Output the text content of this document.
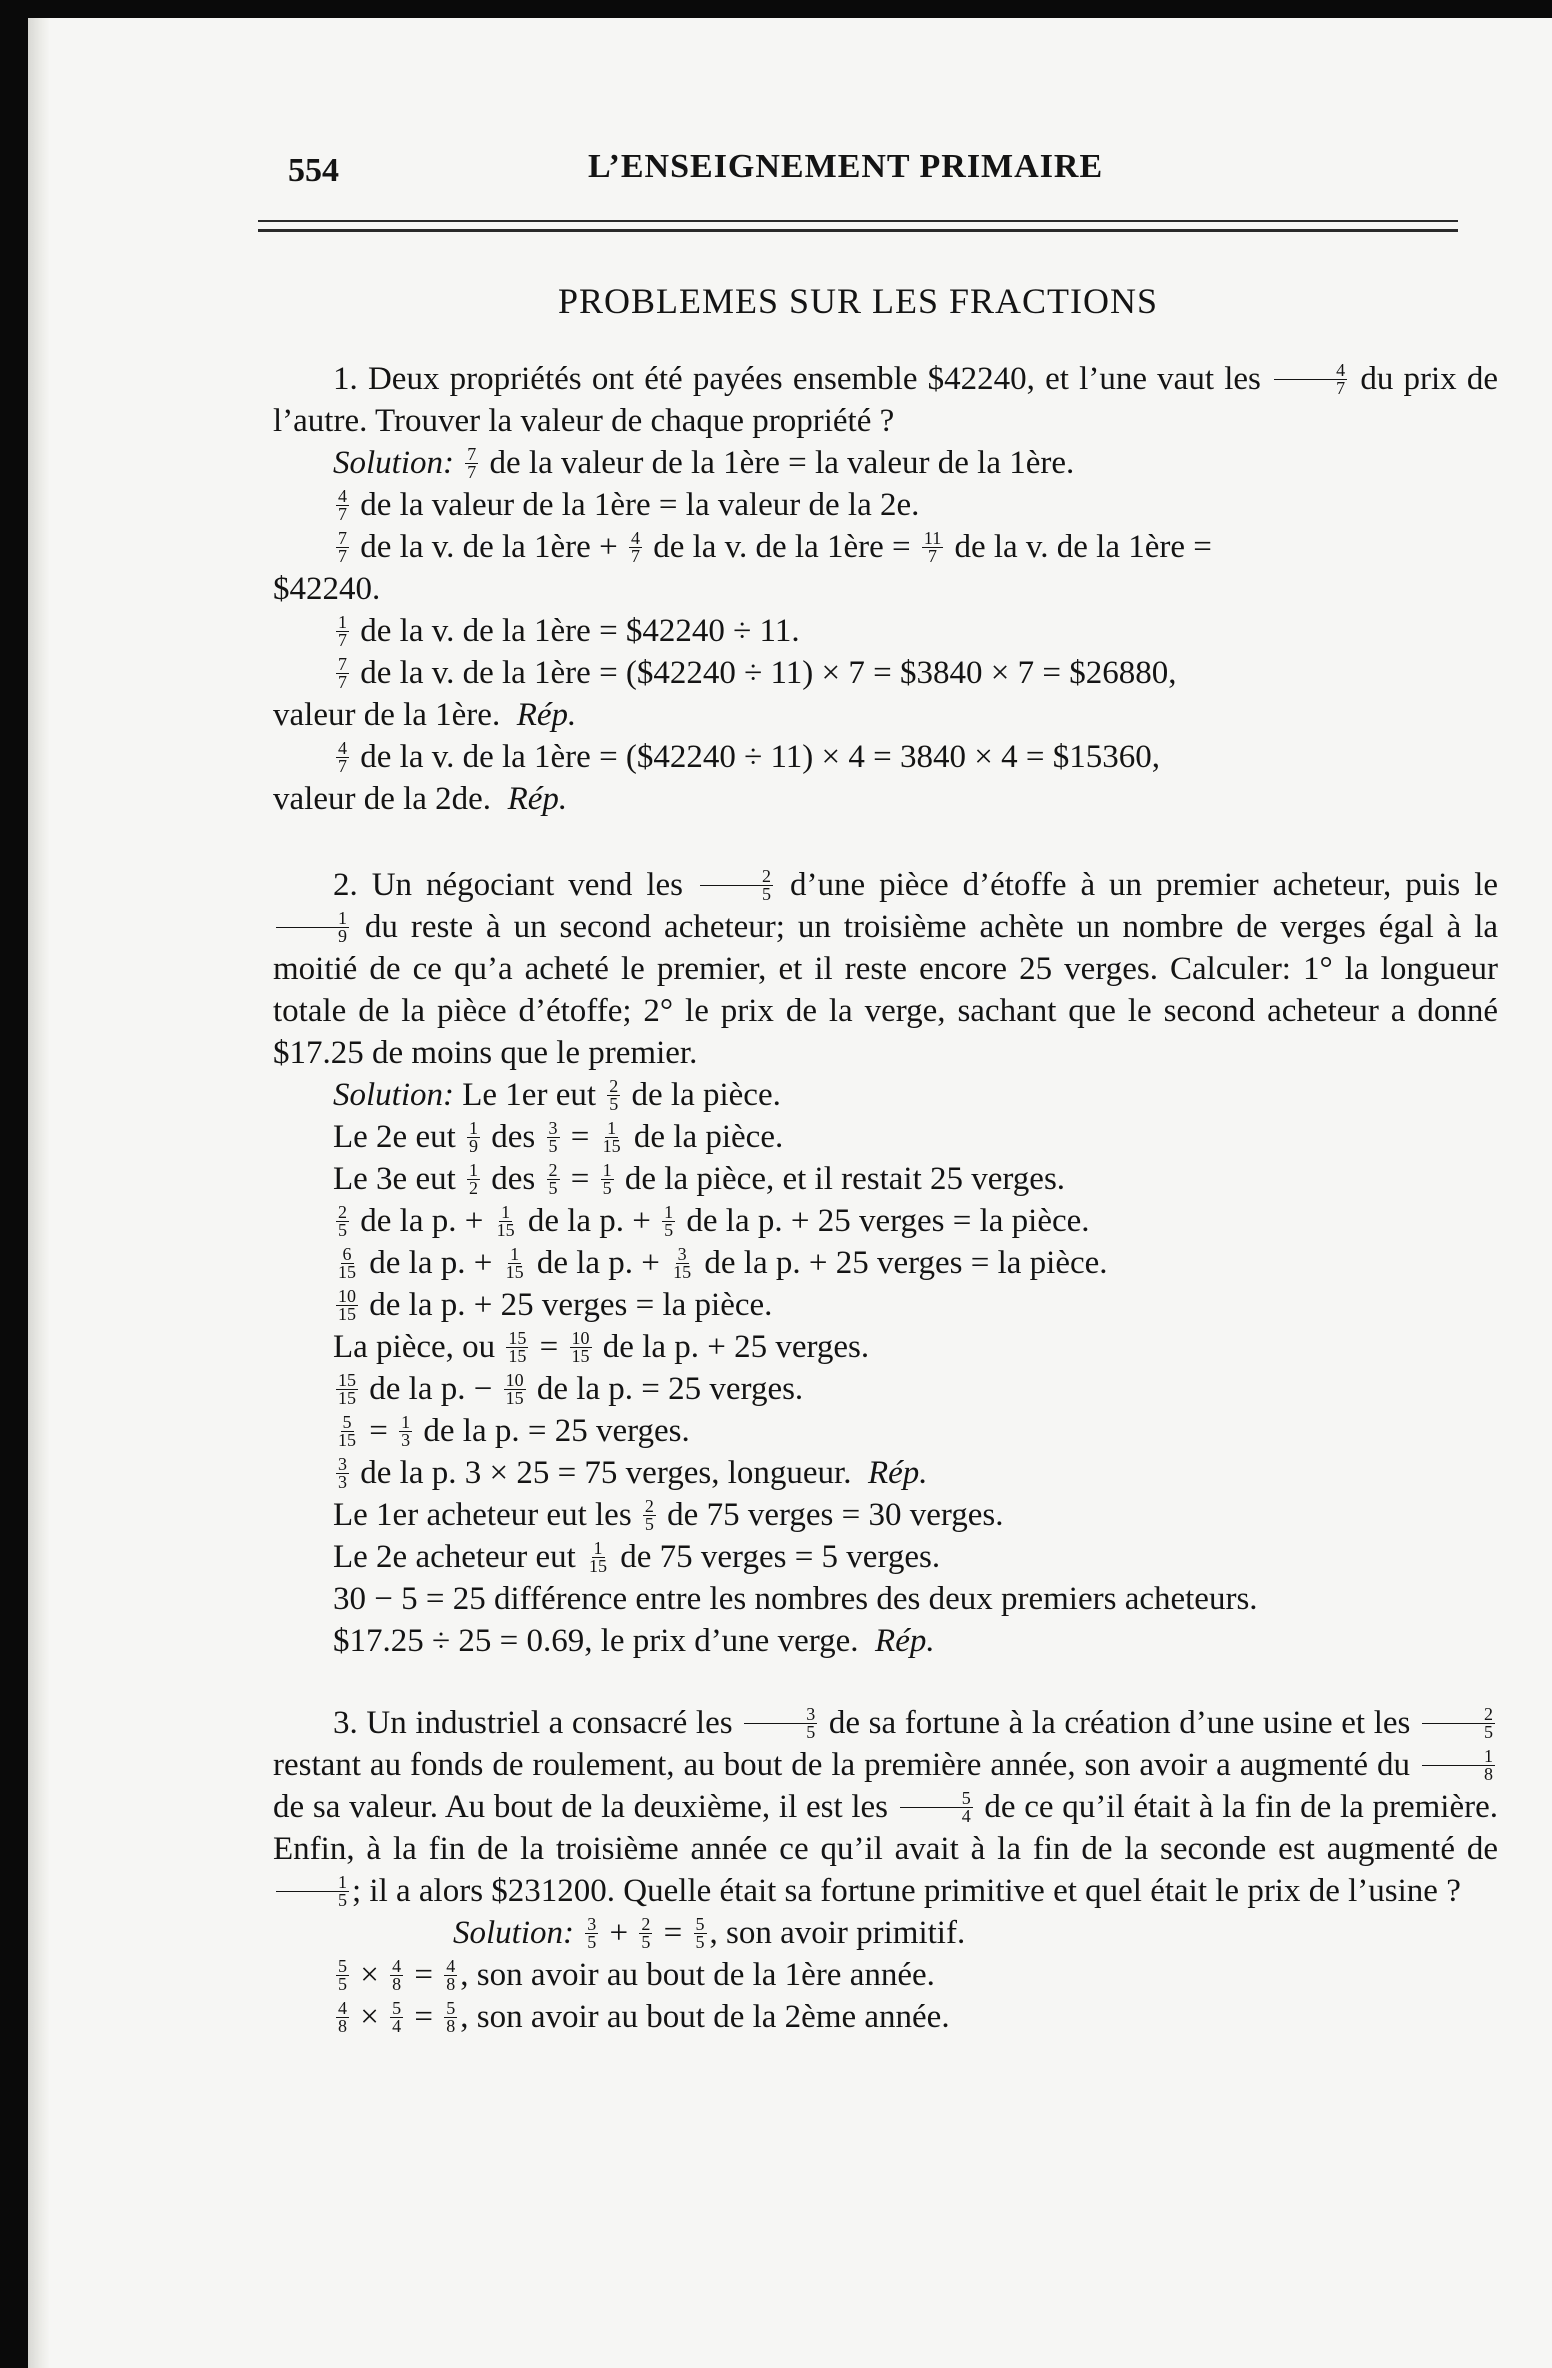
554	L’ENSEIGNEMENT PRIMAIRE
PROBLEMES SUR LES FRACTIONS

1. Deux propriétés ont été payées ensemble $42240, et l’une vaut les $\frac{4}{7}$ du prix de l’autre. Trouver la valeur de chaque propriété ?

Solution: $\frac{7}{7}$ de la valeur de la 1ère = la valeur de la 1ère.

$\frac{4}{7}$ de la valeur de la 1ère = la valeur de la 2e.

$\frac{7}{7}$ de la v. de la 1ère + $\frac{4}{7}$ de la v. de la 1ère = $\frac{11}{7}$ de la v. de la 1ère =

$42240.

$\frac{1}{7}$ de la v. de la 1ère = $42240 ÷ 11.

$\frac{7}{7}$ de la v. de la 1ère = ($42240 ÷ 11) × 7 = $3840 × 7 = $26880,

valeur de la 1ère. Rép.

$\frac{4}{7}$ de la v. de la 1ère = ($42240 ÷ 11) × 4 = 3840 × 4 = $15360,

valeur de la 2de. Rép.

2. Un négociant vend les $\frac{2}{5}$ d’une pièce d’étoffe à un premier acheteur, puis le
$\frac{1}{9}$ du reste à un second acheteur; un troisième achète un nombre de verges égal à la moitié de ce qu’a acheté le premier, et il reste encore 25 verges. Calculer: 1° la longueur totale de la pièce d’étoffe; 2° le prix de la verge, sachant que le second acheteur a donné $17.25 de moins que le premier.

Solution: Le 1er eut $\frac{2}{5}$ de la pièce.

Le 2e eut $\frac{1}{9}$ des $\frac{3}{5} = \frac{1}{15}$ de la pièce.

Le 3e eut $\frac{1}{2}$ des $\frac{2}{5} = \frac{1}{5}$ de la pièce, et il restait 25 verges.

$\frac{2}{5}$ de la p. + $\frac{1}{15}$ de la p. + $\frac{1}{5}$ de la p. + 25 verges = la pièce.

$\frac{6}{15}$ de la p. + $\frac{1}{15}$ de la p. + $\frac{3}{15}$ de la p. + 25 verges = la pièce.

$\frac{10}{15}$ de la p. + 25 verges = la pièce.

La pièce, ou $\frac{15}{15} = \frac{10}{15}$ de la p. + 25 verges.

$\frac{15}{15}$ de la p. − $\frac{10}{15}$ de la p. = 25 verges.

$\frac{5}{15} = \frac{1}{3}$ de la p. = 25 verges.

$\frac{3}{3}$ de la p. 3 × 25 = 75 verges, longueur. Rép.

Le 1er acheteur eut les $\frac{2}{5}$ de 75 verges = 30 verges.

Le 2e acheteur eut $\frac{1}{15}$ de 75 verges = 5 verges.

30 − 5 = 25 différence entre les nombres des deux premiers acheteurs.

$17.25 ÷ 25 = 0.69, le prix d’une verge. Rép.

3. Un industriel a consacré les $\frac{3}{5}$ de sa fortune à la création d’une usine et les $\frac{2}{5}$
restant au fonds de roulement, au bout de la première année, son avoir a augmenté du $\frac{1}{8}$
de sa valeur. Au bout de la deuxième, il est les $\frac{5}{4}$ de ce qu’il était à la fin de la première. Enfin, à la fin de la troisième année ce qu’il avait à la fin de la seconde est augmenté de
$\frac{1}{5}$ ; il a alors $231200. Quelle était sa fortune primitive et quel était le prix de l’usine ?

Solution: $\frac{3}{5} + \frac{2}{5} = \frac{5}{5}$ , son avoir primitif.

$\frac{5}{5} \times \frac{4}{8} = \frac{4}{8}$ , son avoir au bout de la 1ère année.

$\frac{4}{8} \times \frac{5}{4} = \frac{5}{8}$ , son avoir au bout de la 2ème année.
